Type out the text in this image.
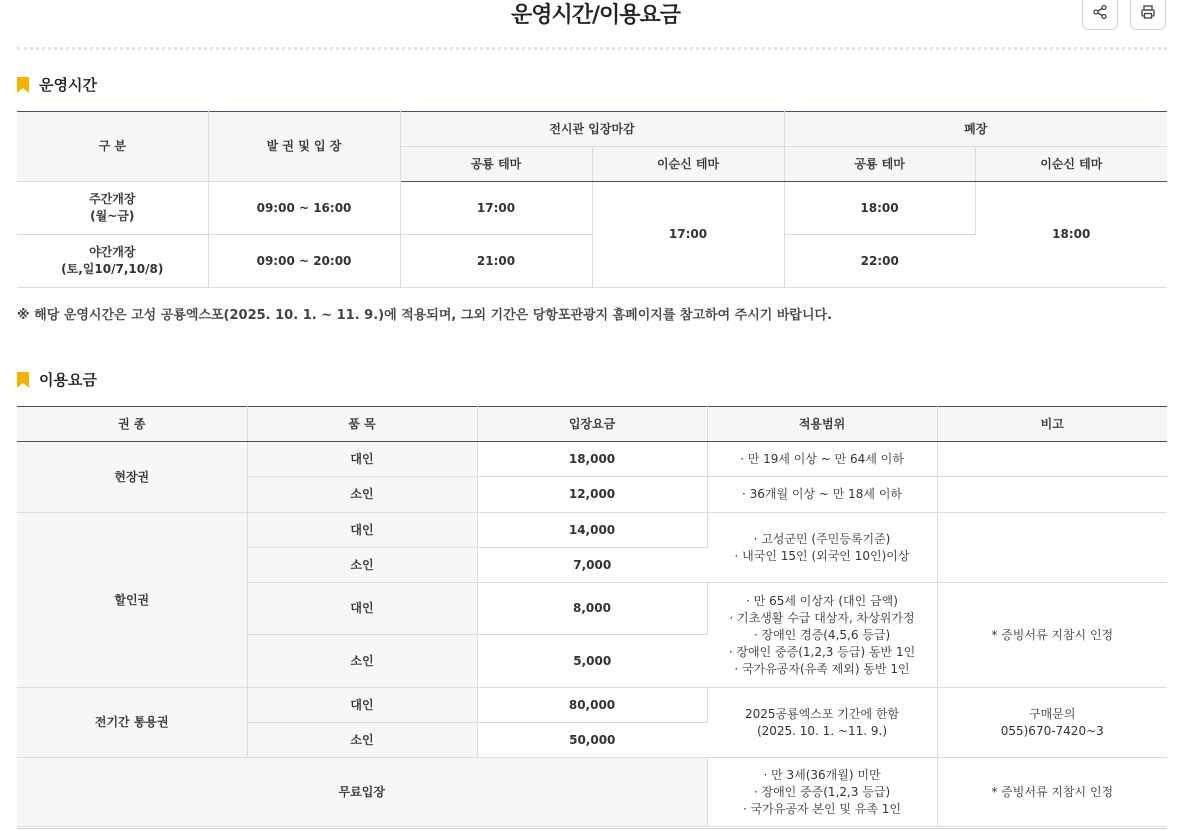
운영시간/이용요금
운영시간
구 분	발 권 및 입 장	전시관 입장마감		폐장	
		공룡 테마	이순신 테마	공룡 테마	이순신 테마
주간개장
(월~금)	09:00 ~ 16:00	17:00	17:00	18:00	18:00
야간개장
(토,일10/7,10/8)	09:00 ~ 20:00	21:00		22:00	
※ 해당 운영시간은 고성 공룡엑스포(2025. 10. 1. ~ 11. 9.)에 적용되며, 그외 기간은 당항포관광지 홈페이지를 참고하여 주시기 바랍니다.
이용요금
권 종	품 목	입장요금	적용범위	비고
현장권	대인	18,000	· 만 19세 이상 ~ 만 64세 이하	
	소인	12,000	· 36개월 이상 ~ 만 18세 이하	
할인권	대인	14,000	· 고성군민 (주민등록기준)
· 내국인 15인 (외국인 10인)이상	
	소인	7,000		
	대인	8,000	· 만 65세 이상자 (대인 금액)
· 기초생활 수급 대상자, 차상위가정
· 장애인 경증(4,5,6 등급)
· 장애인 중증(1,2,3 등급) 동반 1인
· 국가유공자(유족 제외) 동반 1인	* 증빙서류 지참시 인정
	소인	5,000		
전기간 통용권	대인	80,000	2025공룡엑스포 기간에 한함
(2025. 10. 1. ~11. 9.)	구매문의
055)670-7420~3
	소인	50,000		
무료입장			· 만 3세(36개월) 미만
· 장애인 중증(1,2,3 등급)
· 국가유공자 본인 및 유족 1인	* 증빙서류 지참시 인정
